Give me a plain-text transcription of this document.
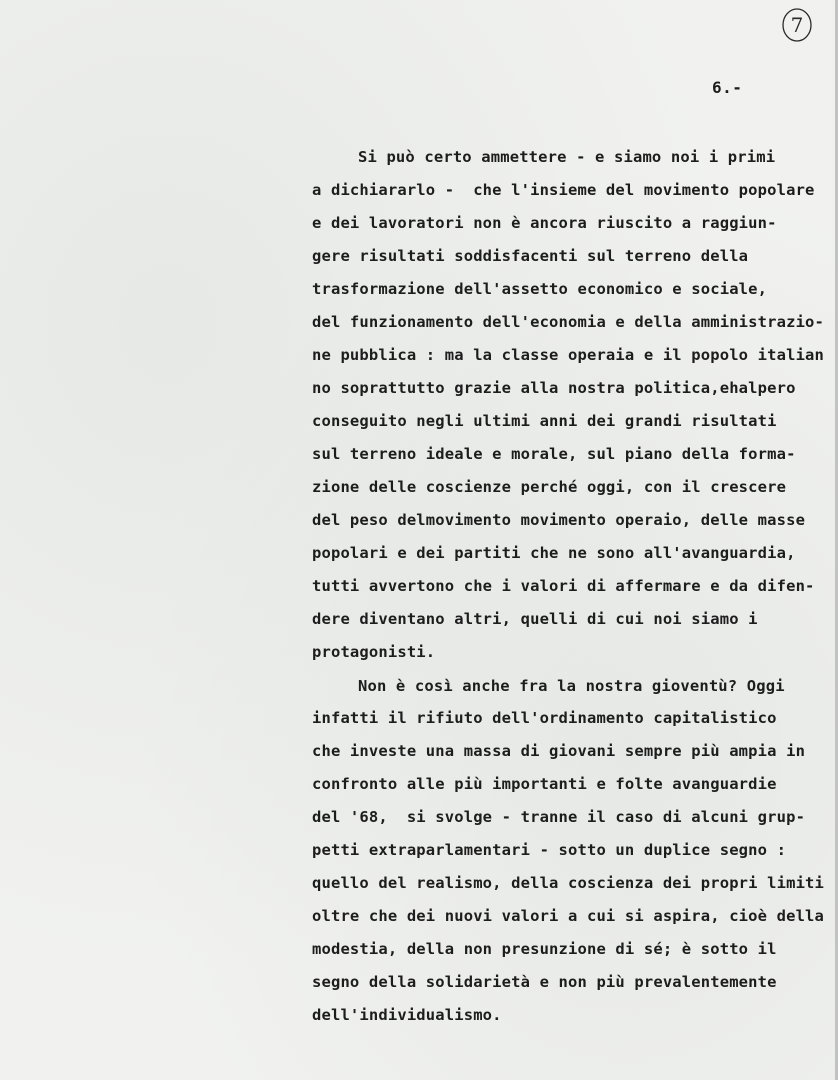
7
6.-
Si può certo ammettere - e siamo noi i primi
a dichiararlo -  che l'insieme del movimento popolare
e dei lavoratori non è ancora riuscito a raggiun-
gere risultati soddisfacenti sul terreno della
trasformazione dell'assetto economico e sociale,
del funzionamento dell'economia e della amministrazio-
ne pubblica : ma la classe operaia e il popolo italian
no soprattutto grazie alla nostra politica,ehalpero
conseguito negli ultimi anni dei grandi risultati
sul terreno ideale e morale, sul piano della forma-
zione delle coscienze perché oggi, con il crescere
del peso delmovimento movimento operaio, delle masse
popolari e dei partiti che ne sono all'avanguardia,
tutti avvertono che i valori di affermare e da difen-
dere diventano altri, quelli di cui noi siamo i
protagonisti.
Non è così anche fra la nostra gioventù? Oggi
infatti il rifiuto dell'ordinamento capitalistico
che investe una massa di giovani sempre più ampia in
confronto alle più importanti e folte avanguardie
del '68,  si svolge - tranne il caso di alcuni grup-
petti extraparlamentari - sotto un duplice segno :
quello del realismo, della coscienza dei propri limiti
oltre che dei nuovi valori a cui si aspira, cioè della
modestia, della non presunzione di sé; è sotto il
segno della solidarietà e non più prevalentemente
dell'individualismo.
